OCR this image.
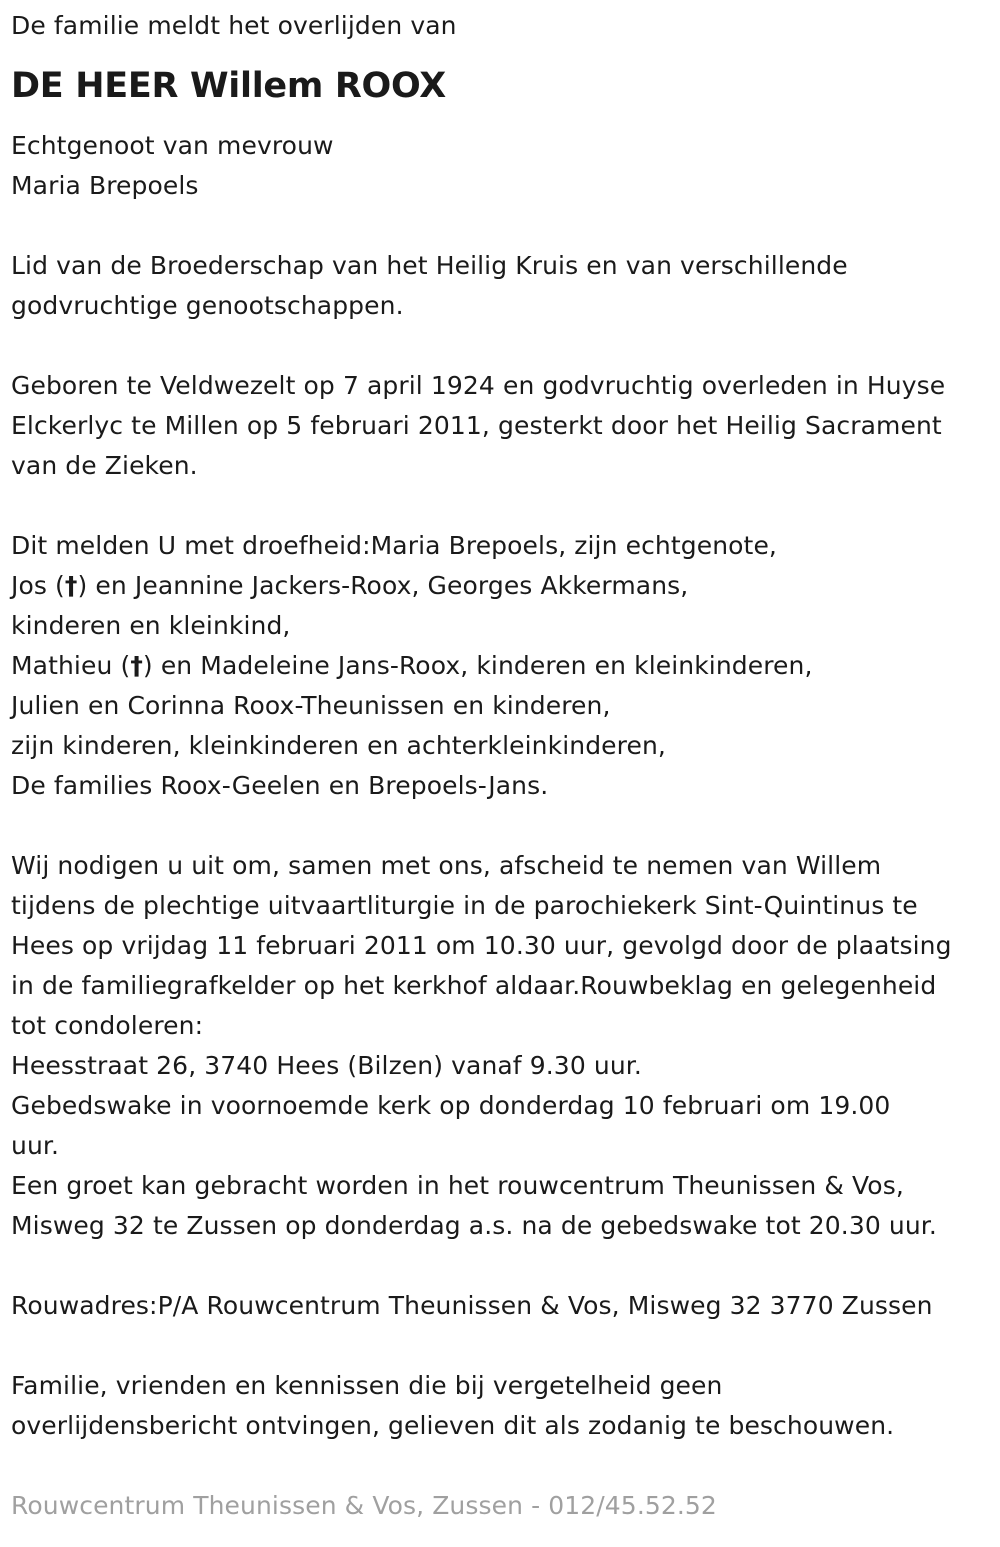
De familie meldt het overlijden van
DE HEER Willem ROOX
Echtgenoot van mevrouw
Maria Brepoels
Lid van de Broederschap van het Heilig Kruis en van verschillende
godvruchtige genootschappen.
Geboren te Veldwezelt op 7 april 1924 en godvruchtig overleden in Huyse
Elckerlyc te Millen op 5 februari 2011, gesterkt door het Heilig Sacrament
van de Zieken.
Dit melden U met droefheid:Maria Brepoels, zijn echtgenote,
Jos (†) en Jeannine Jackers-Roox, Georges Akkermans,
kinderen en kleinkind,
Mathieu (†) en Madeleine Jans-Roox, kinderen en kleinkinderen,
Julien en Corinna Roox-Theunissen en kinderen,
zijn kinderen, kleinkinderen en achterkleinkinderen,
De families Roox-Geelen en Brepoels-Jans.
Wij nodigen u uit om, samen met ons, afscheid te nemen van Willem
tijdens de plechtige uitvaartliturgie in de parochiekerk Sint-Quintinus te
Hees op vrijdag 11 februari 2011 om 10.30 uur, gevolgd door de plaatsing
in de familiegrafkelder op het kerkhof aldaar.Rouwbeklag en gelegenheid
tot condoleren:
Heesstraat 26, 3740 Hees (Bilzen) vanaf 9.30 uur.
Gebedswake in voornoemde kerk op donderdag 10 februari om 19.00
uur.
Een groet kan gebracht worden in het rouwcentrum Theunissen & Vos,
Misweg 32 te Zussen op donderdag a.s. na de gebedswake tot 20.30 uur.
Rouwadres:P/A Rouwcentrum Theunissen & Vos, Misweg 32 3770 Zussen
Familie, vrienden en kennissen die bij vergetelheid geen
overlijdensbericht ontvingen, gelieven dit als zodanig te beschouwen.
Rouwcentrum Theunissen & Vos, Zussen - 012/45.52.52
